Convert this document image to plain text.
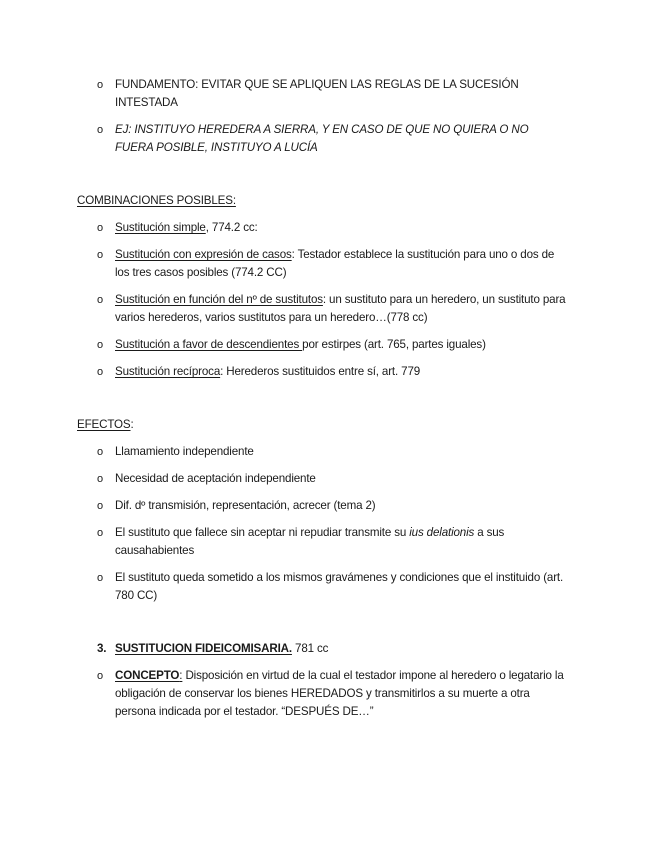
o	FUNDAMENTO: EVITAR QUE SE APLIQUEN LAS REGLAS DE LA SUCESIÓN INTESTADA
o	EJ: INSTITUYO HEREDERA A SIERRA, Y EN CASO DE QUE NO QUIERA O NO FUERA POSIBLE, INSTITUYO A LUCÍA
COMBINACIONES POSIBLES:
o	Sustitución simple, 774.2 cc:
o	Sustitución con expresión de casos: Testador establece la sustitución para uno o dos de los tres casos posibles (774.2 CC)
o	Sustitución en función del nº de sustitutos: un sustituto para un heredero, un sustituto para varios herederos, varios sustitutos para un heredero…(778 cc)
o	Sustitución a favor de descendientes por estirpes (art. 765, partes iguales)
o	Sustitución recíproca: Herederos sustituidos entre sí, art. 779
EFECTOS:
o	Llamamiento independiente
o	Necesidad de aceptación independiente
o	Dif. dº transmisión, representación, acrecer (tema 2)
o	El sustituto que fallece sin aceptar ni repudiar transmite su ius delationis a sus causahabientes
o	El sustituto queda sometido a los mismos gravámenes y condiciones que el instituido (art. 780 CC)
3. SUSTITUCION FIDEICOMISARIA. 781 cc
o	CONCEPTO: Disposición en virtud de la cual el testador impone al heredero o legatario la obligación de conservar los bienes HEREDADOS y transmitirlos a su muerte a otra persona indicada por el testador. “DESPUÉS DE…”
